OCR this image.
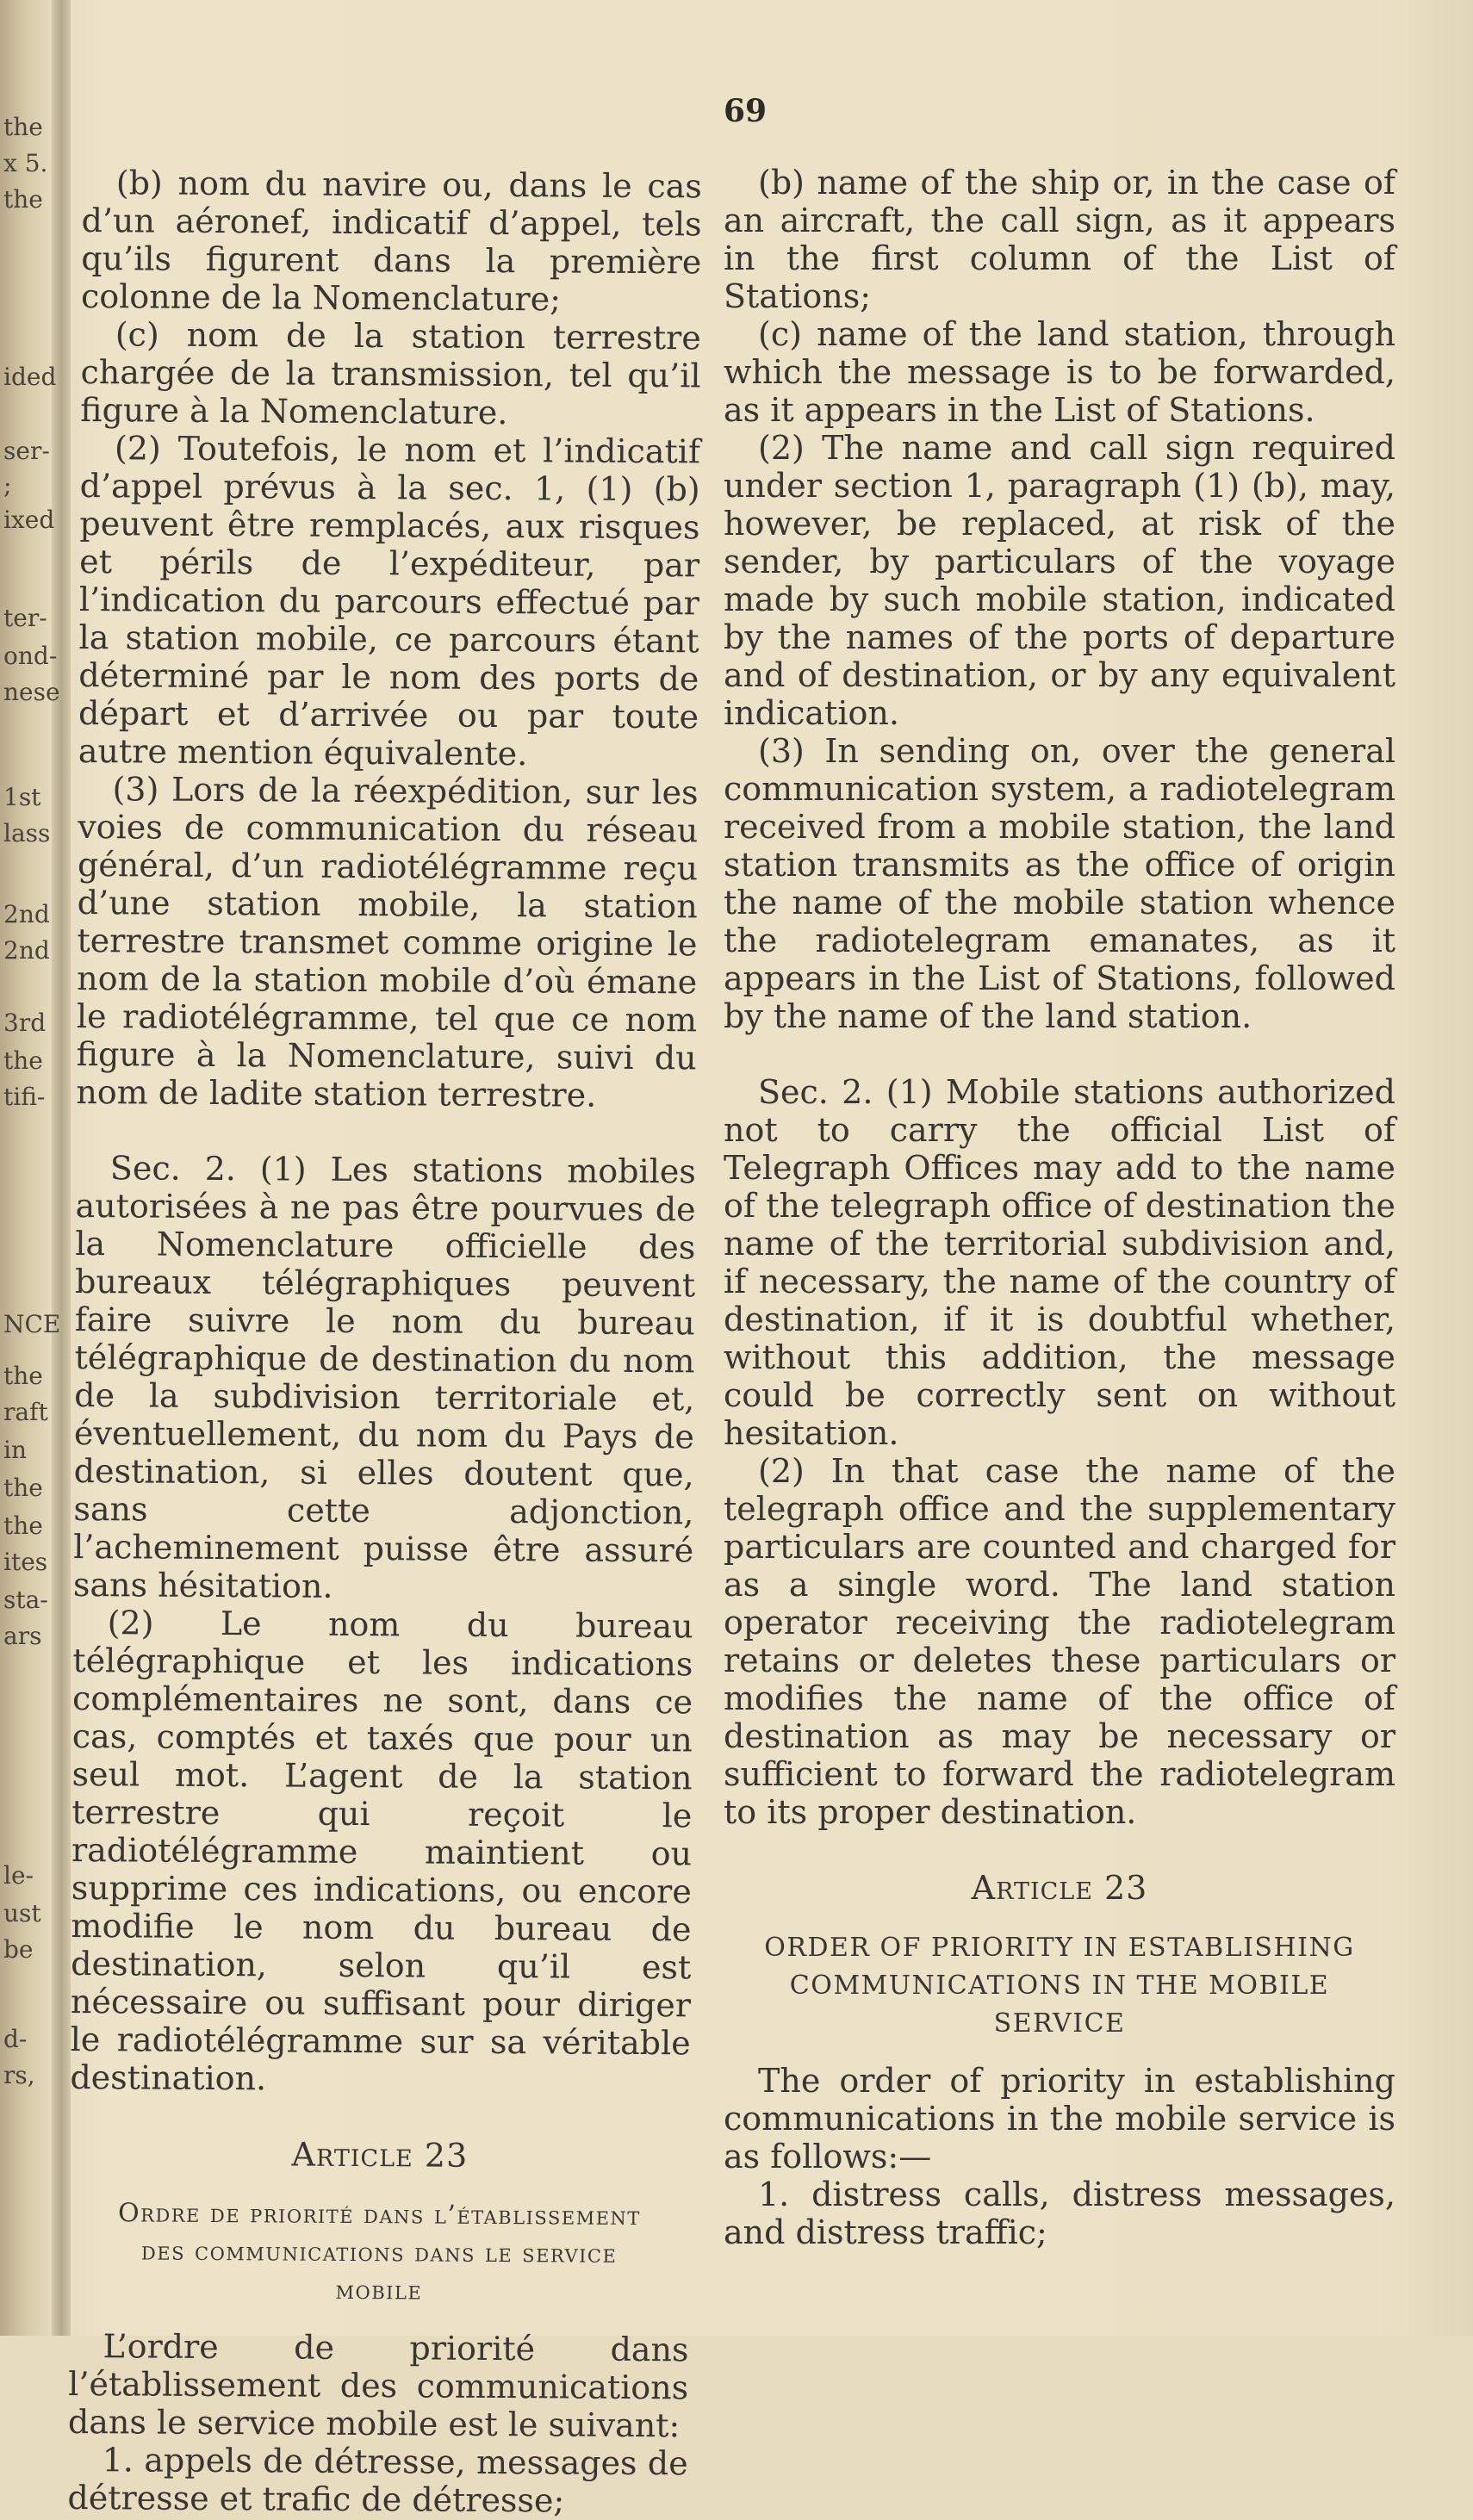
the
x 5.
the
ided
ser-
;
ixed
ter-
ond-
nese
1st
lass
2nd
2nd
3rd
the
tifi-
NCE
the
raft
in
the
the
ites
sta-
ars
le-
ust
be
d-
rs,
69

(b) nom du navire ou, dans le cas d’un aéronef, indicatif d’appel, tels qu’ils figurent dans la première colonne de la Nomenclature;

(c) nom de la station terrestre chargée de la transmission, tel qu’il figure à la Nomenclature.

(2) Toutefois, le nom et l’indicatif d’appel prévus à la sec. 1, (1) (b) peuvent être remplacés, aux risques et périls de l’expéditeur, par l’indication du parcours effectué par la station mobile, ce parcours étant déterminé par le nom des ports de départ et d’arrivée ou par toute autre mention équivalente.

(3) Lors de la réexpédition, sur les voies de communication du réseau général, d’un radiotélégramme reçu d’une station mobile, la station terrestre transmet comme origine le nom de la station mobile d’où émane le radiotélégramme, tel que ce nom figure à la Nomenclature, suivi du nom de ladite station terrestre.

Sec. 2. (1) Les stations mobiles autorisées à ne pas être pourvues de la Nomenclature officielle des bureaux télégraphiques peuvent faire suivre le nom du bureau télégraphique de destination du nom de la subdivision territoriale et, éventuellement, du nom du Pays de destination, si elles doutent que, sans cette adjonction, l’acheminement puisse être assuré sans hésitation.

(2) Le nom du bureau télégraphique et les indications complémentaires ne sont, dans ce cas, comptés et taxés que pour un seul mot. L’agent de la station terrestre qui reçoit le radiotélégramme maintient ou supprime ces indications, ou encore modifie le nom du bureau de destination, selon qu’il est nécessaire ou suffisant pour diriger le radiotélégramme sur sa véritable destination.

Article 23
Ordre de priorité dans l’établissement des communications dans le service mobile

L’ordre de priorité dans l’établissement des communications dans le service mobile est le suivant:

1. appels de détresse, messages de détresse et trafic de détresse;

(b) name of the ship or, in the case of an aircraft, the call sign, as it appears in the first column of the List of Stations;

(c) name of the land station, through which the message is to be forwarded, as it appears in the List of Stations.

(2) The name and call sign required under section 1, paragraph (1) (b), may, however, be replaced, at risk of the sender, by particulars of the voyage made by such mobile station, indicated by the names of the ports of departure and of destination, or by any equivalent indication.

(3) In sending on, over the general communication system, a radiotelegram received from a mobile station, the land station transmits as the office of origin the name of the mobile station whence the radiotelegram emanates, as it appears in the List of Stations, followed by the name of the land station.

Sec. 2. (1) Mobile stations authorized not to carry the official List of Telegraph Offices may add to the name of the telegraph office of destination the name of the territorial subdivision and, if necessary, the name of the country of destination, if it is doubtful whether, without this addition, the message could be correctly sent on without hesitation.

(2) In that case the name of the telegraph office and the supplementary particulars are counted and charged for as a single word. The land station operator receiving the radiotelegram retains or deletes these particulars or modifies the name of the office of destination as may be necessary or sufficient to forward the radiotelegram to its proper destination.

Article 23
ORDER OF PRIORITY IN ESTABLISHING COMMUNICATIONS IN THE MOBILE SERVICE

The order of priority in establishing communications in the mobile service is as follows:—

1. distress calls, distress messages, and distress traffic;
